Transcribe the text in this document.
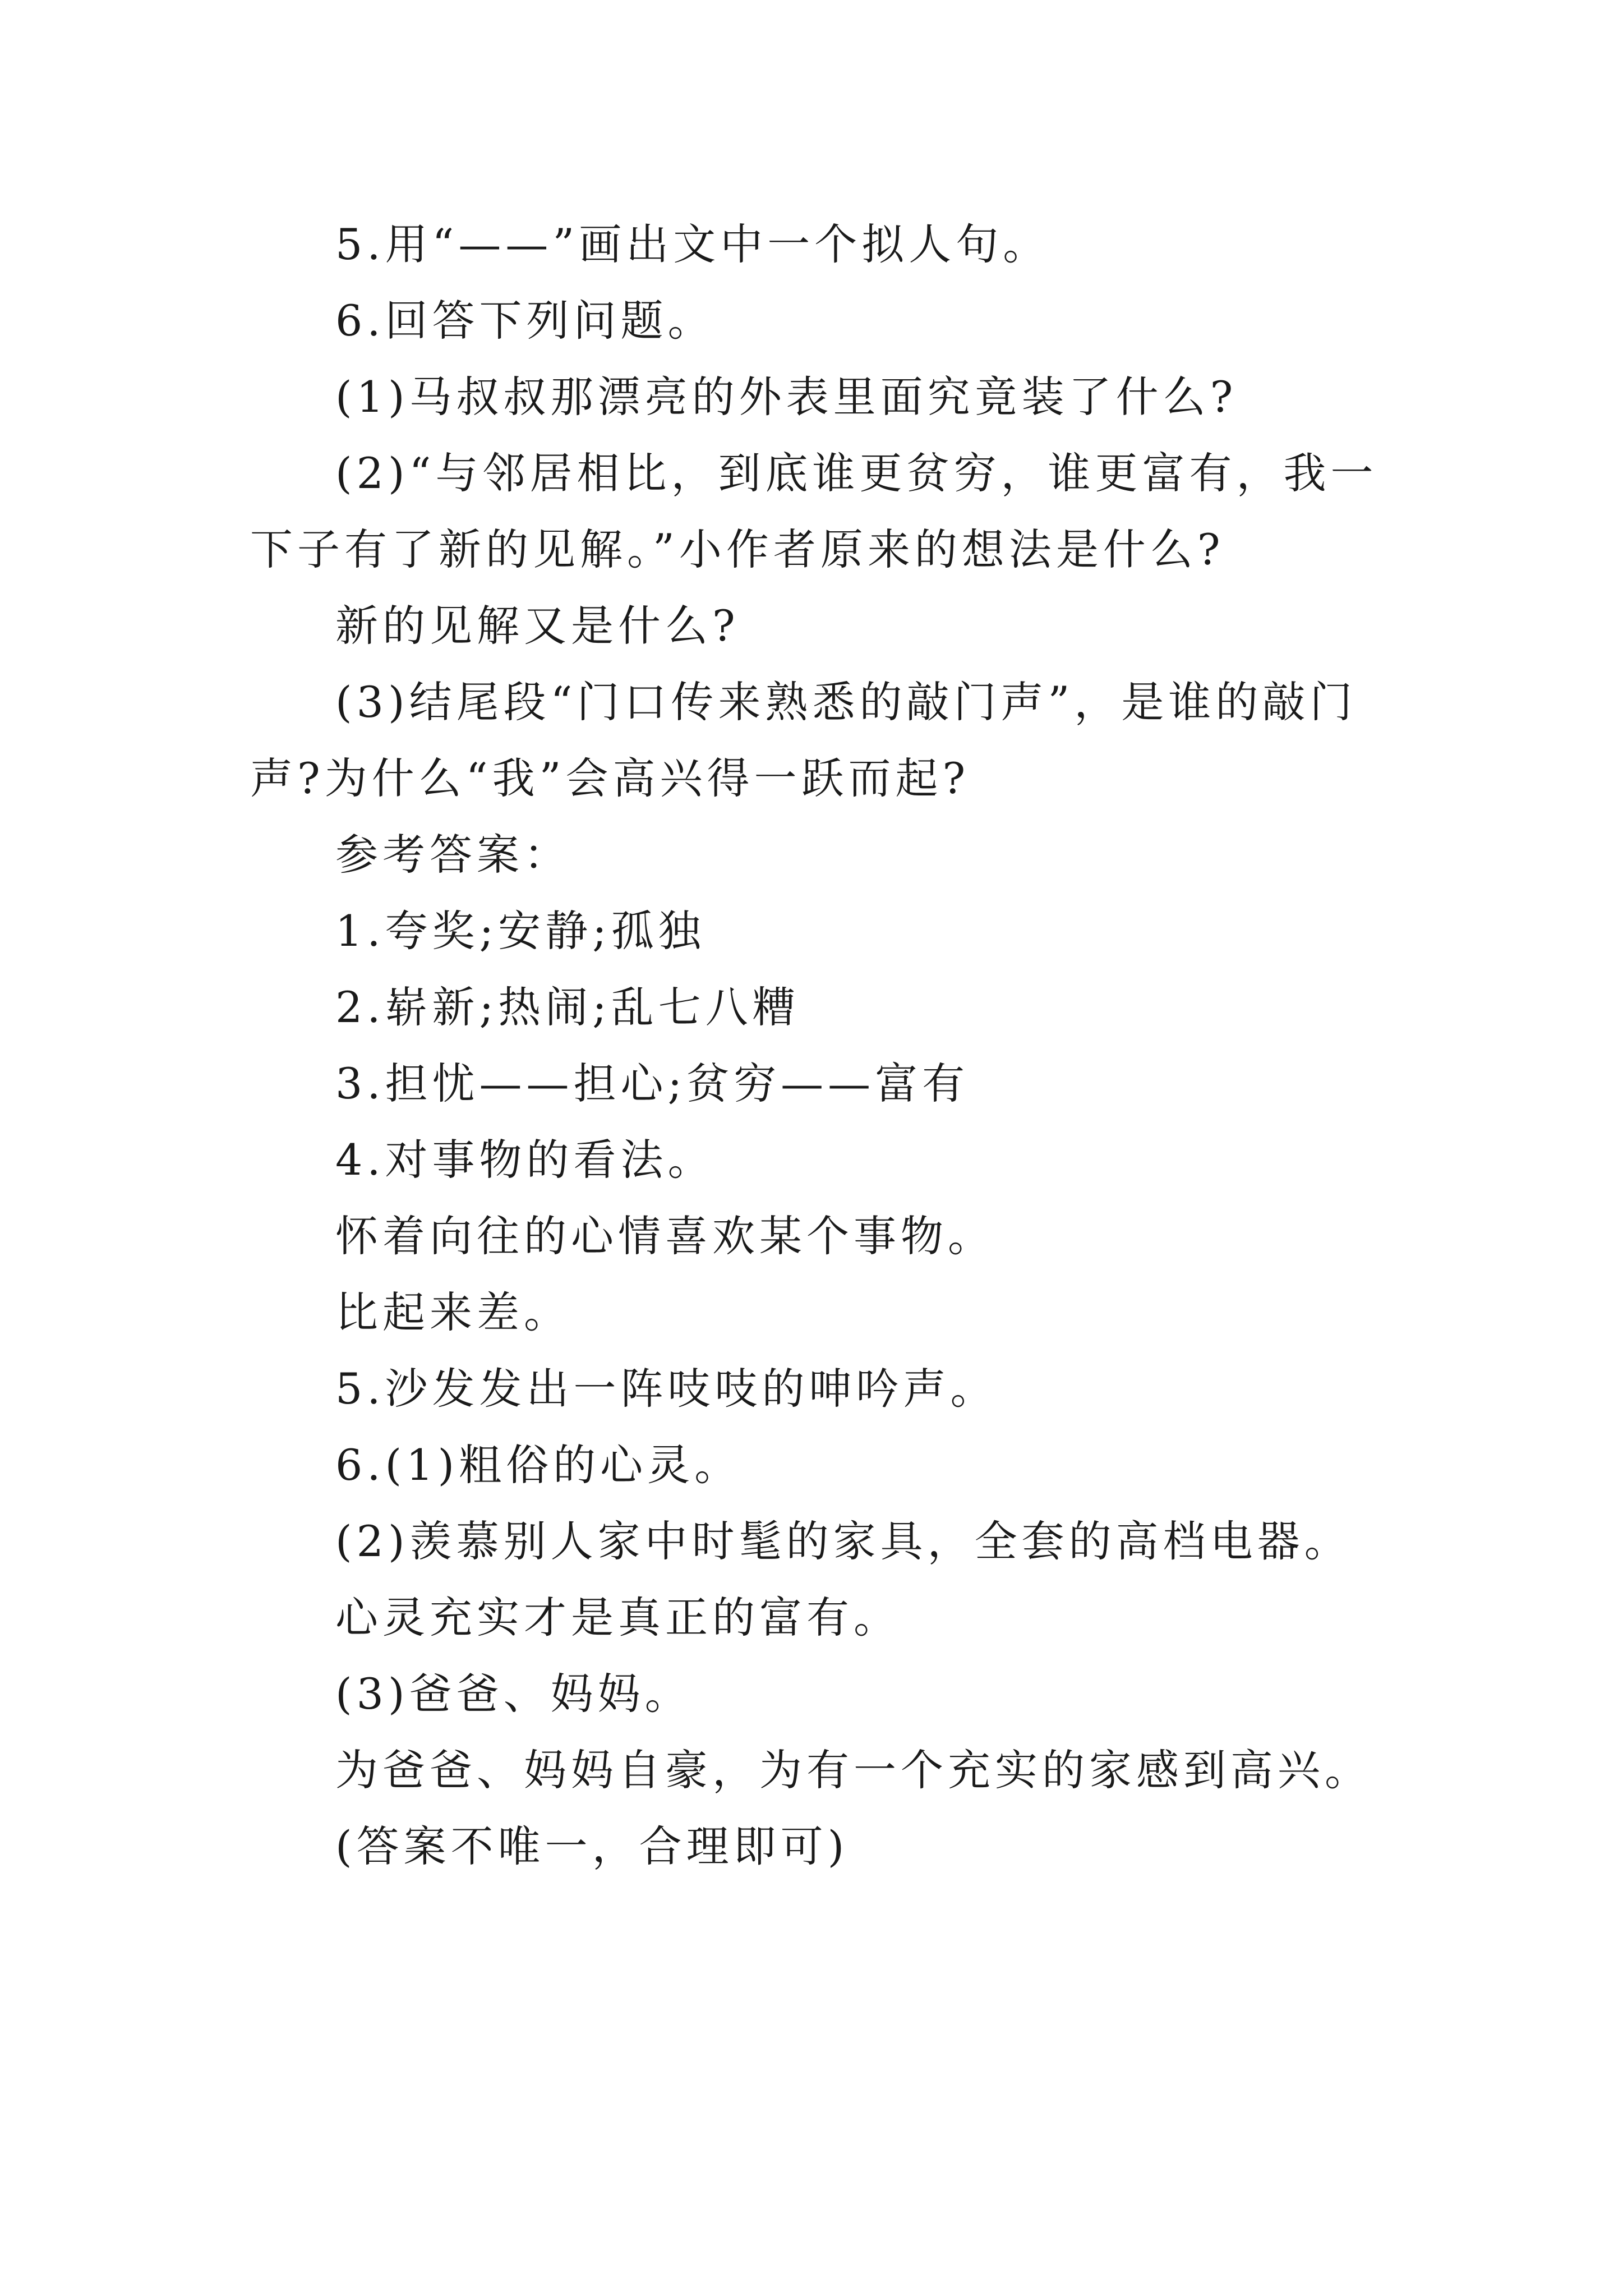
5.用“——”画出文中一个拟人句。

6.回答下列问题。

(1)马叔叔那漂亮的外表里面究竟装了什么?

(2)“与邻居相比，到底谁更贫穷，谁更富有，我一下子有了新的见解。”小作者原来的想法是什么?

新的见解又是什么?

(3)结尾段“门口传来熟悉的敲门声”，是谁的敲门声?为什么“我”会高兴得一跃而起?

参考答案：

1.夸奖;安静;孤独

2.崭新;热闹;乱七八糟

3.担忧——担心;贫穷——富有

4.对事物的看法。

怀着向往的心情喜欢某个事物。

比起来差。

5.沙发发出一阵吱吱的呻吟声。

6.(1)粗俗的心灵。

(2)羡慕别人家中时髦的家具，全套的高档电器。

心灵充实才是真正的富有。

(3)爸爸、妈妈。

为爸爸、妈妈自豪，为有一个充实的家感到高兴。

(答案不唯一，合理即可)
